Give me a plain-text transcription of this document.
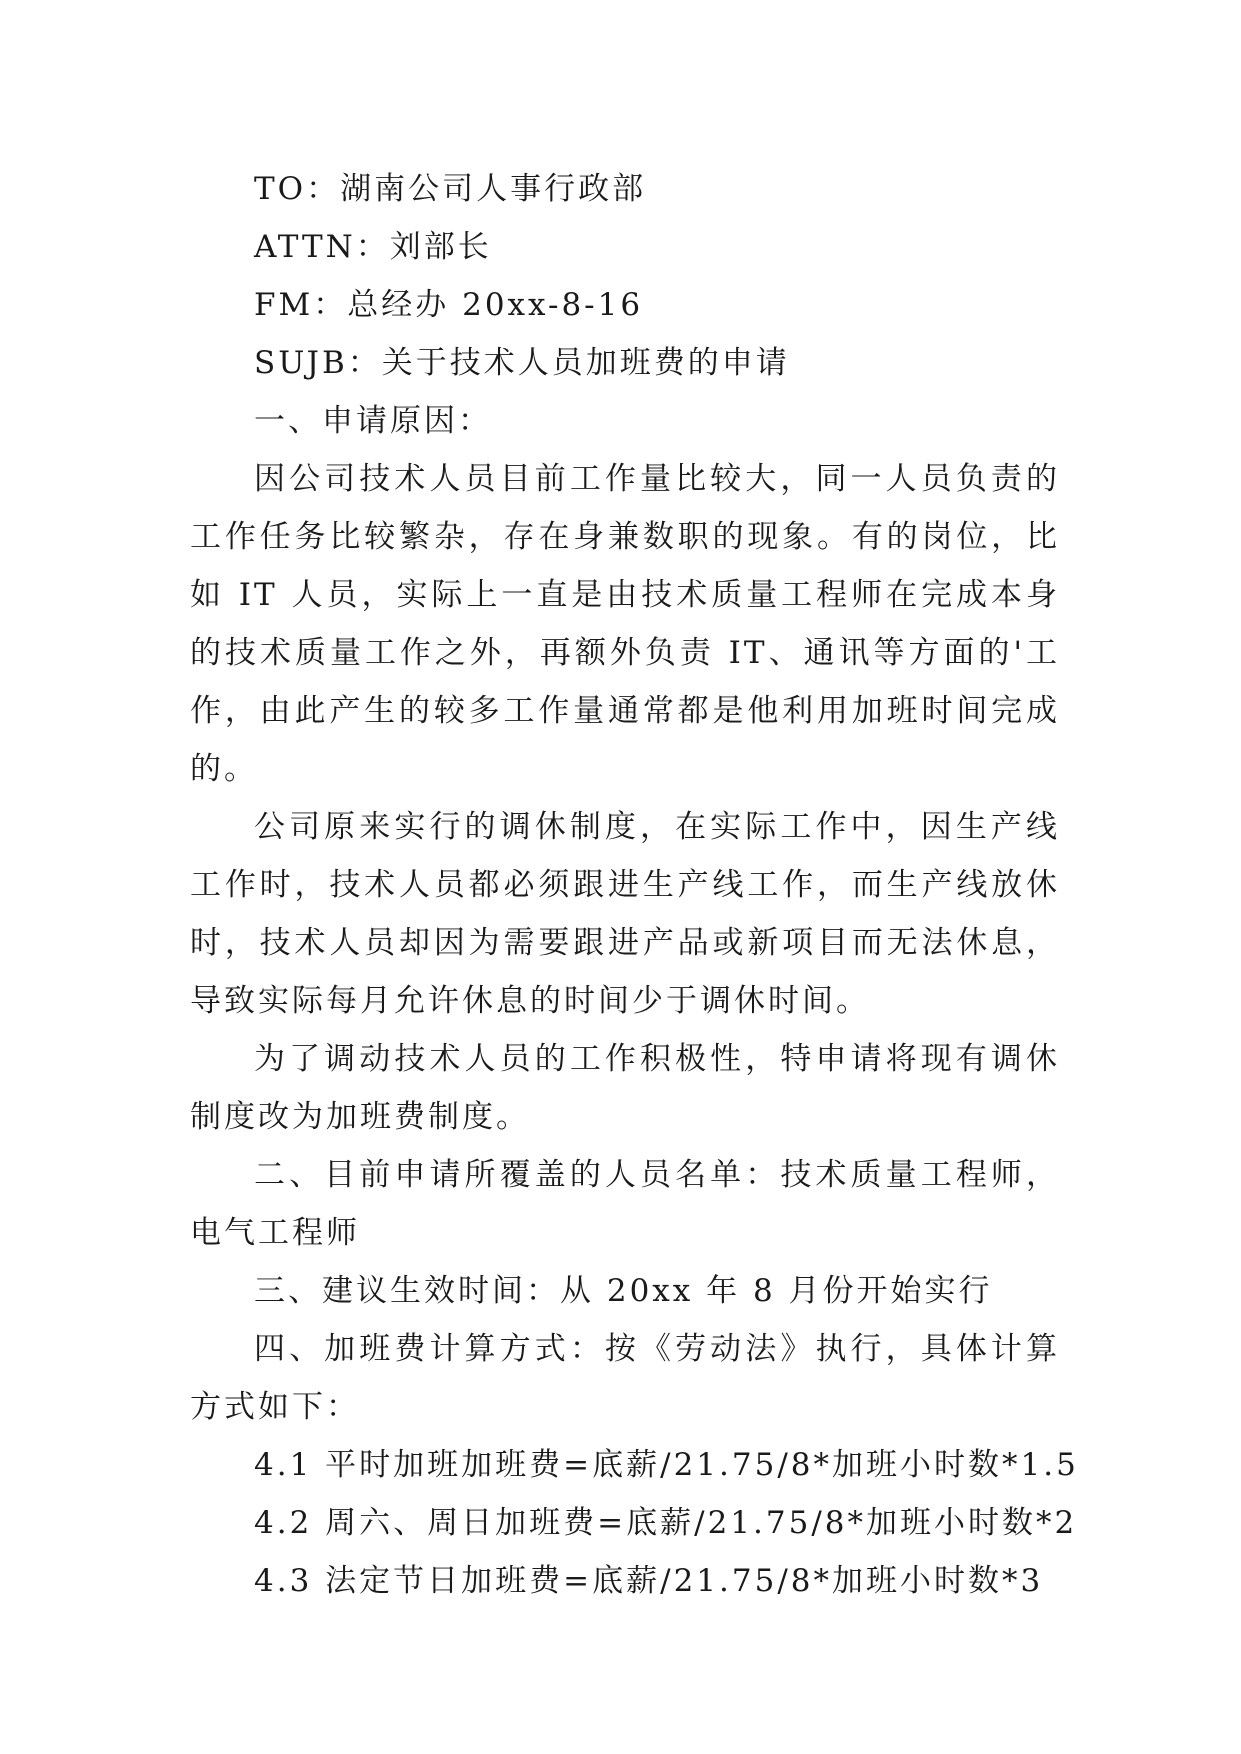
TO：湖南公司人事行政部
ATTN：刘部长
FM：总经办 20xx-8-16
SUJB：关于技术人员加班费的申请
一、申请原因：

因公司技术人员目前工作量比较大，同一人员负责的工作任务比较繁杂，存在身兼数职的现象。有的岗位，比如 IT 人员，实际上一直是由技术质量工程师在完成本身的技术质量工作之外，再额外负责 IT、通讯等方面的'工作，由此产生的较多工作量通常都是他利用加班时间完成的。

公司原来实行的调休制度，在实际工作中，因生产线工作时，技术人员都必须跟进生产线工作，而生产线放休时，技术人员却因为需要跟进产品或新项目而无法休息，导致实际每月允许休息的时间少于调休时间。

为了调动技术人员的工作积极性，特申请将现有调休制度改为加班费制度。

二、目前申请所覆盖的人员名单：技术质量工程师，电气工程师

三、建议生效时间：从 20xx 年 8 月份开始实行

四、加班费计算方式：按《劳动法》执行，具体计算方式如下：

4.1 平时加班加班费=底薪/21.75/8*加班小时数*1.5
4.2 周六、周日加班费=底薪/21.75/8*加班小时数*2
4.3 法定节日加班费=底薪/21.75/8*加班小时数*3
